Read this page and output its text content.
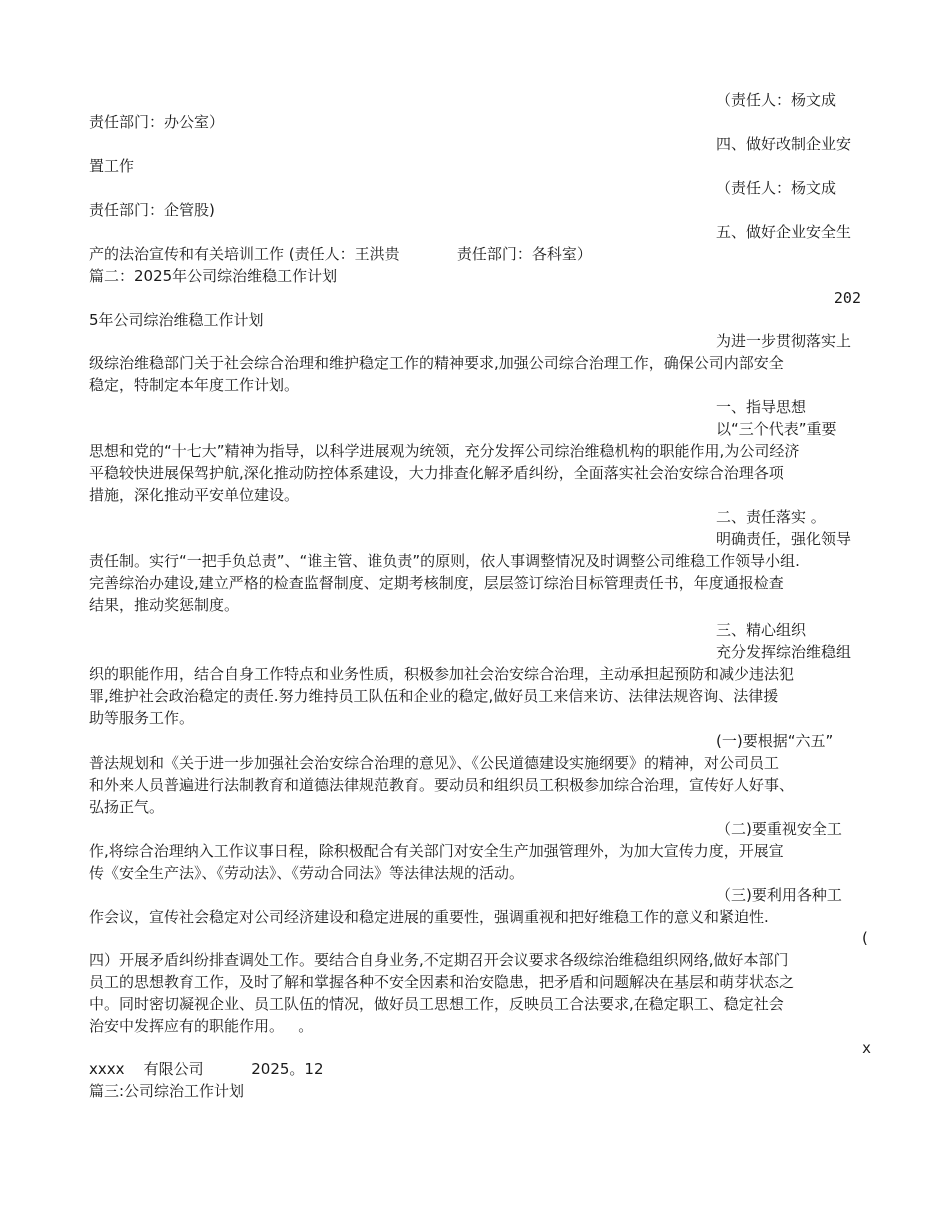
（责任人：杨文成
责任部门：办公室）
四、做好改制企业安
置工作
（责任人：杨文成
责任部门：企管股)
五、做好企业安全生
产的法治宣传和有关培训工作 (责任人：王洪贵            责任部门：各科室）
篇二：2025年公司综治维稳工作计划
202
5年公司综治维稳工作计划
为进一步贯彻落实上
级综治维稳部门关于社会综合治理和维护稳定工作的精神要求,加强公司综合治理工作，确保公司内部安全
稳定，特制定本年度工作计划。
一、指导思想
以“三个代表”重要
思想和党的“十七大”精神为指导，以科学进展观为统领，充分发挥公司综治维稳机构的职能作用,为公司经济
平稳较快进展保驾护航,深化推动防控体系建设，大力排查化解矛盾纠纷，全面落实社会治安综合治理各项
措施，深化推动平安单位建设。
二、责任落实 。
明确责任，强化领导
责任制。实行“一把手负总责”、“谁主管、谁负责”的原则，依人事调整情况及时调整公司维稳工作领导小组.
完善综治办建设,建立严格的检查监督制度、定期考核制度，层层签订综治目标管理责任书，年度通报检查
结果，推动奖惩制度。
三、精心组织
充分发挥综治维稳组
织的职能作用，结合自身工作特点和业务性质，积极参加社会治安综合治理，主动承担起预防和减少违法犯
罪,维护社会政治稳定的责任.努力维持员工队伍和企业的稳定,做好员工来信来访、法律法规咨询、法律援
助等服务工作。
(一)要根据“六五”
普法规划和《关于进一步加强社会治安综合治理的意见》、《公民道德建设实施纲要》的精神，对公司员工
和外来人员普遍进行法制教育和道德法律规范教育。要动员和组织员工积极参加综合治理，宣传好人好事、
弘扬正气。
（二)要重视安全工
作,将综合治理纳入工作议事日程，除积极配合有关部门对安全生产加强管理外，为加大宣传力度，开展宣
传《安全生产法》、《劳动法》、《劳动合同法》等法律法规的活动。
（三)要利用各种工
作会议，宣传社会稳定对公司经济建设和稳定进展的重要性，强调重视和把好维稳工作的意义和紧迫性.
(
四）开展矛盾纠纷排查调处工作。要结合自身业务,不定期召开会议要求各级综治维稳组织网络,做好本部门
员工的思想教育工作，及时了解和掌握各种不安全因素和治安隐患，把矛盾和问题解决在基层和萌芽状态之
中。同时密切凝视企业、员工队伍的情况，做好员工思想工作，反映员工合法要求,在稳定职工、稳定社会
治安中发挥应有的职能作用。   。
x
xxxx    有限公司          2025。12
篇三:公司综治工作计划
